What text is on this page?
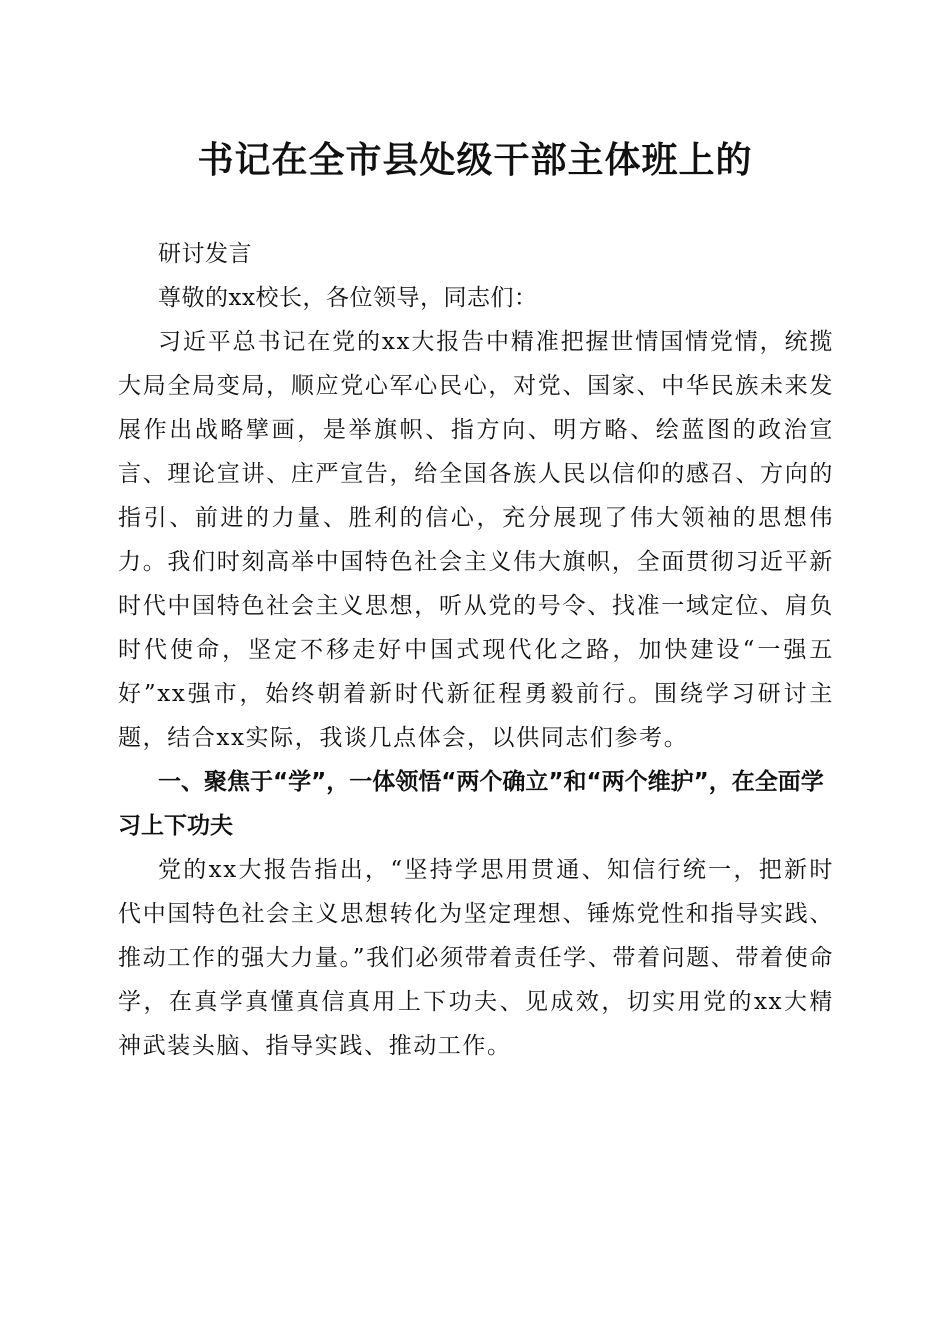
书记在全市县处级干部主体班上的

研讨发言

尊敬的xx校长，各位领导，同志们：

习近平总书记在党的xx大报告中精准把握世情国情党情，统揽大局全局变局，顺应党心军心民心，对党、国家、中华民族未来发展作出战略擘画，是举旗帜、指方向、明方略、绘蓝图的政治宣言、理论宣讲、庄严宣告，给全国各族人民以信仰的感召、方向的指引、前进的力量、胜利的信心，充分展现了伟大领袖的思想伟力。我们时刻高举中国特色社会主义伟大旗帜，全面贯彻习近平新时代中国特色社会主义思想，听从党的号令、找准一域定位、肩负时代使命，坚定不移走好中国式现代化之路，加快建设“一强五好”xx强市，始终朝着新时代新征程勇毅前行。围绕学习研讨主题，结合xx实际，我谈几点体会，以供同志们参考。

一、聚焦于“学”，一体领悟“两个确立”和“两个维护”，在全面学习上下功夫

党的xx大报告指出，“坚持学思用贯通、知信行统一，把新时代中国特色社会主义思想转化为坚定理想、锤炼党性和指导实践、推动工作的强大力量。”我们必须带着责任学、带着问题、带着使命学，在真学真懂真信真用上下功夫、见成效，切实用党的xx大精神武装头脑、指导实践、推动工作。
